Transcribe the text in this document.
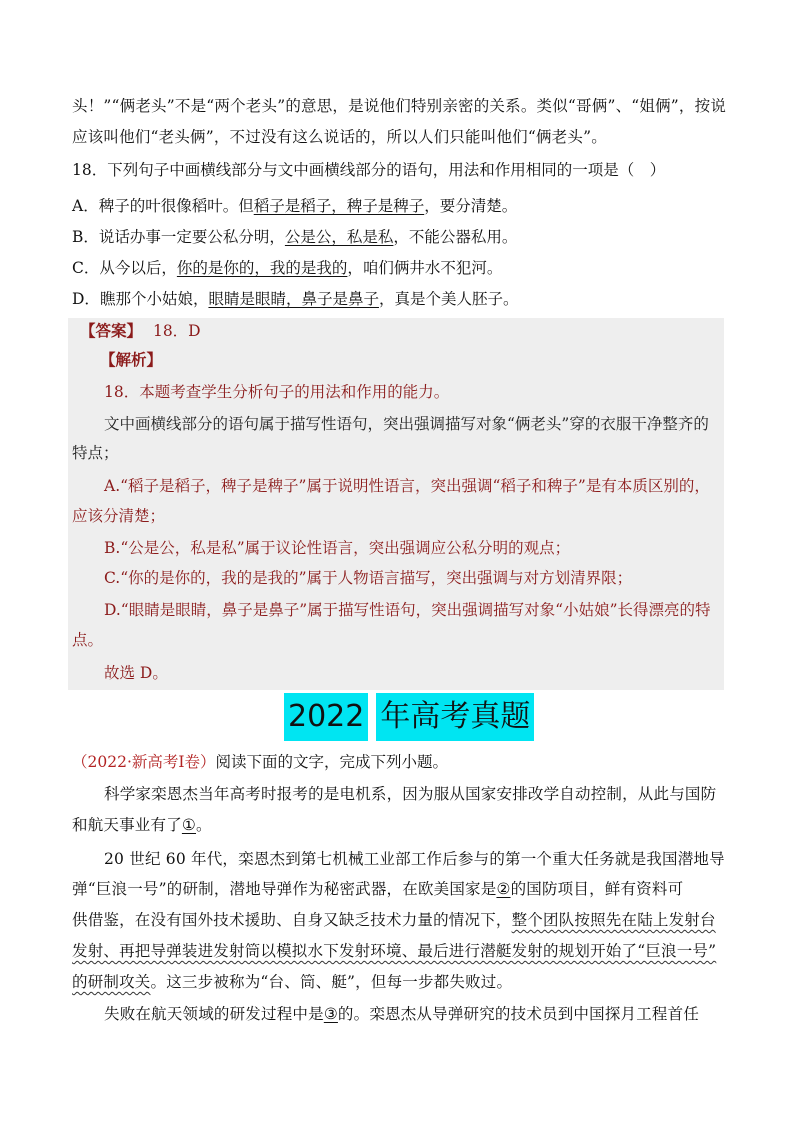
头！”“俩老头”不是“两个老头”的意思，是说他们特别亲密的关系。类似“哥俩”、“姐俩”，按说
应该叫他们“老头俩”，不过没有这么说话的，所以人们只能叫他们“俩老头”。
18．下列句子中画横线部分与文中画横线部分的语句，用法和作用相同的一项是（　）
A．稗子的叶很像稻叶。但稻子是稻子，稗子是稗子，要分清楚。
B．说话办事一定要公私分明，公是公，私是私，不能公器私用。
C．从今以后，你的是你的，我的是我的，咱们俩井水不犯河。
D．瞧那个小姑娘，眼睛是眼睛，鼻子是鼻子，真是个美人胚子。
【答案】 18．D
【解析】
18．本题考查学生分析句子的用法和作用的能力。
文中画横线部分的语句属于描写性语句，突出强调描写对象“俩老头”穿的衣服干净整齐的
特点；
A.“稻子是稻子，稗子是稗子”属于说明性语言，突出强调“稻子和稗子”是有本质区别的，
应该分清楚；
B.“公是公，私是私”属于议论性语言，突出强调应公私分明的观点；
C.“你的是你的，我的是我的”属于人物语言描写，突出强调与对方划清界限；
D.“眼睛是眼睛，鼻子是鼻子”属于描写性语句，突出强调描写对象“小姑娘”长得漂亮的特
点。
故选 D。
2022 年高考真题
（2022·新高考Ⅰ卷）阅读下面的文字，完成下列小题。
科学家栾恩杰当年高考时报考的是电机系，因为服从国家安排改学自动控制，从此与国防
和航天事业有了①。
20 世纪 60 年代，栾恩杰到第七机械工业部工作后参与的第一个重大任务就是我国潜地导
弹“巨浪一号”的研制，潜地导弹作为秘密武器，在欧美国家是②的国防项目，鲜有资料可
供借鉴，在没有国外技术援助、自身又缺乏技术力量的情况下，整个团队按照先在陆上发射台
发射、再把导弹装进发射筒以模拟水下发射环境、最后进行潜艇发射的规划开始了“巨浪一号”
的研制攻关。这三步被称为“台、筒、艇”，但每一步都失败过。
失败在航天领域的研发过程中是③的。栾恩杰从导弹研究的技术员到中国探月工程首任
